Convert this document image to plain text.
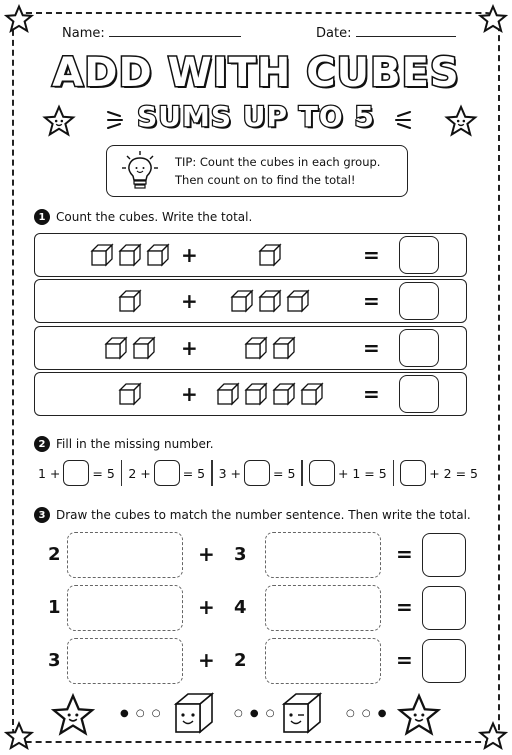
Name:	Date:
ADD WITH CUBES
SUMS UP TO 5
TIP: Count the cubes in each group.
Then count on to find the total!
1 Count the cubes. Write the total.
+	=
+	=
+	=
+	=
2 Fill in the missing number.
1 +	= 5 2 +	= 5 3 +	= 5	+ 1 = 5	+ 2 = 5
3 Draw the cubes to match the number sentence. Then write the total.
2	+ 3	=
1	+ 4	=
3	+ 2	=
● ○ ○	○ ● ○	○ ○ ●
